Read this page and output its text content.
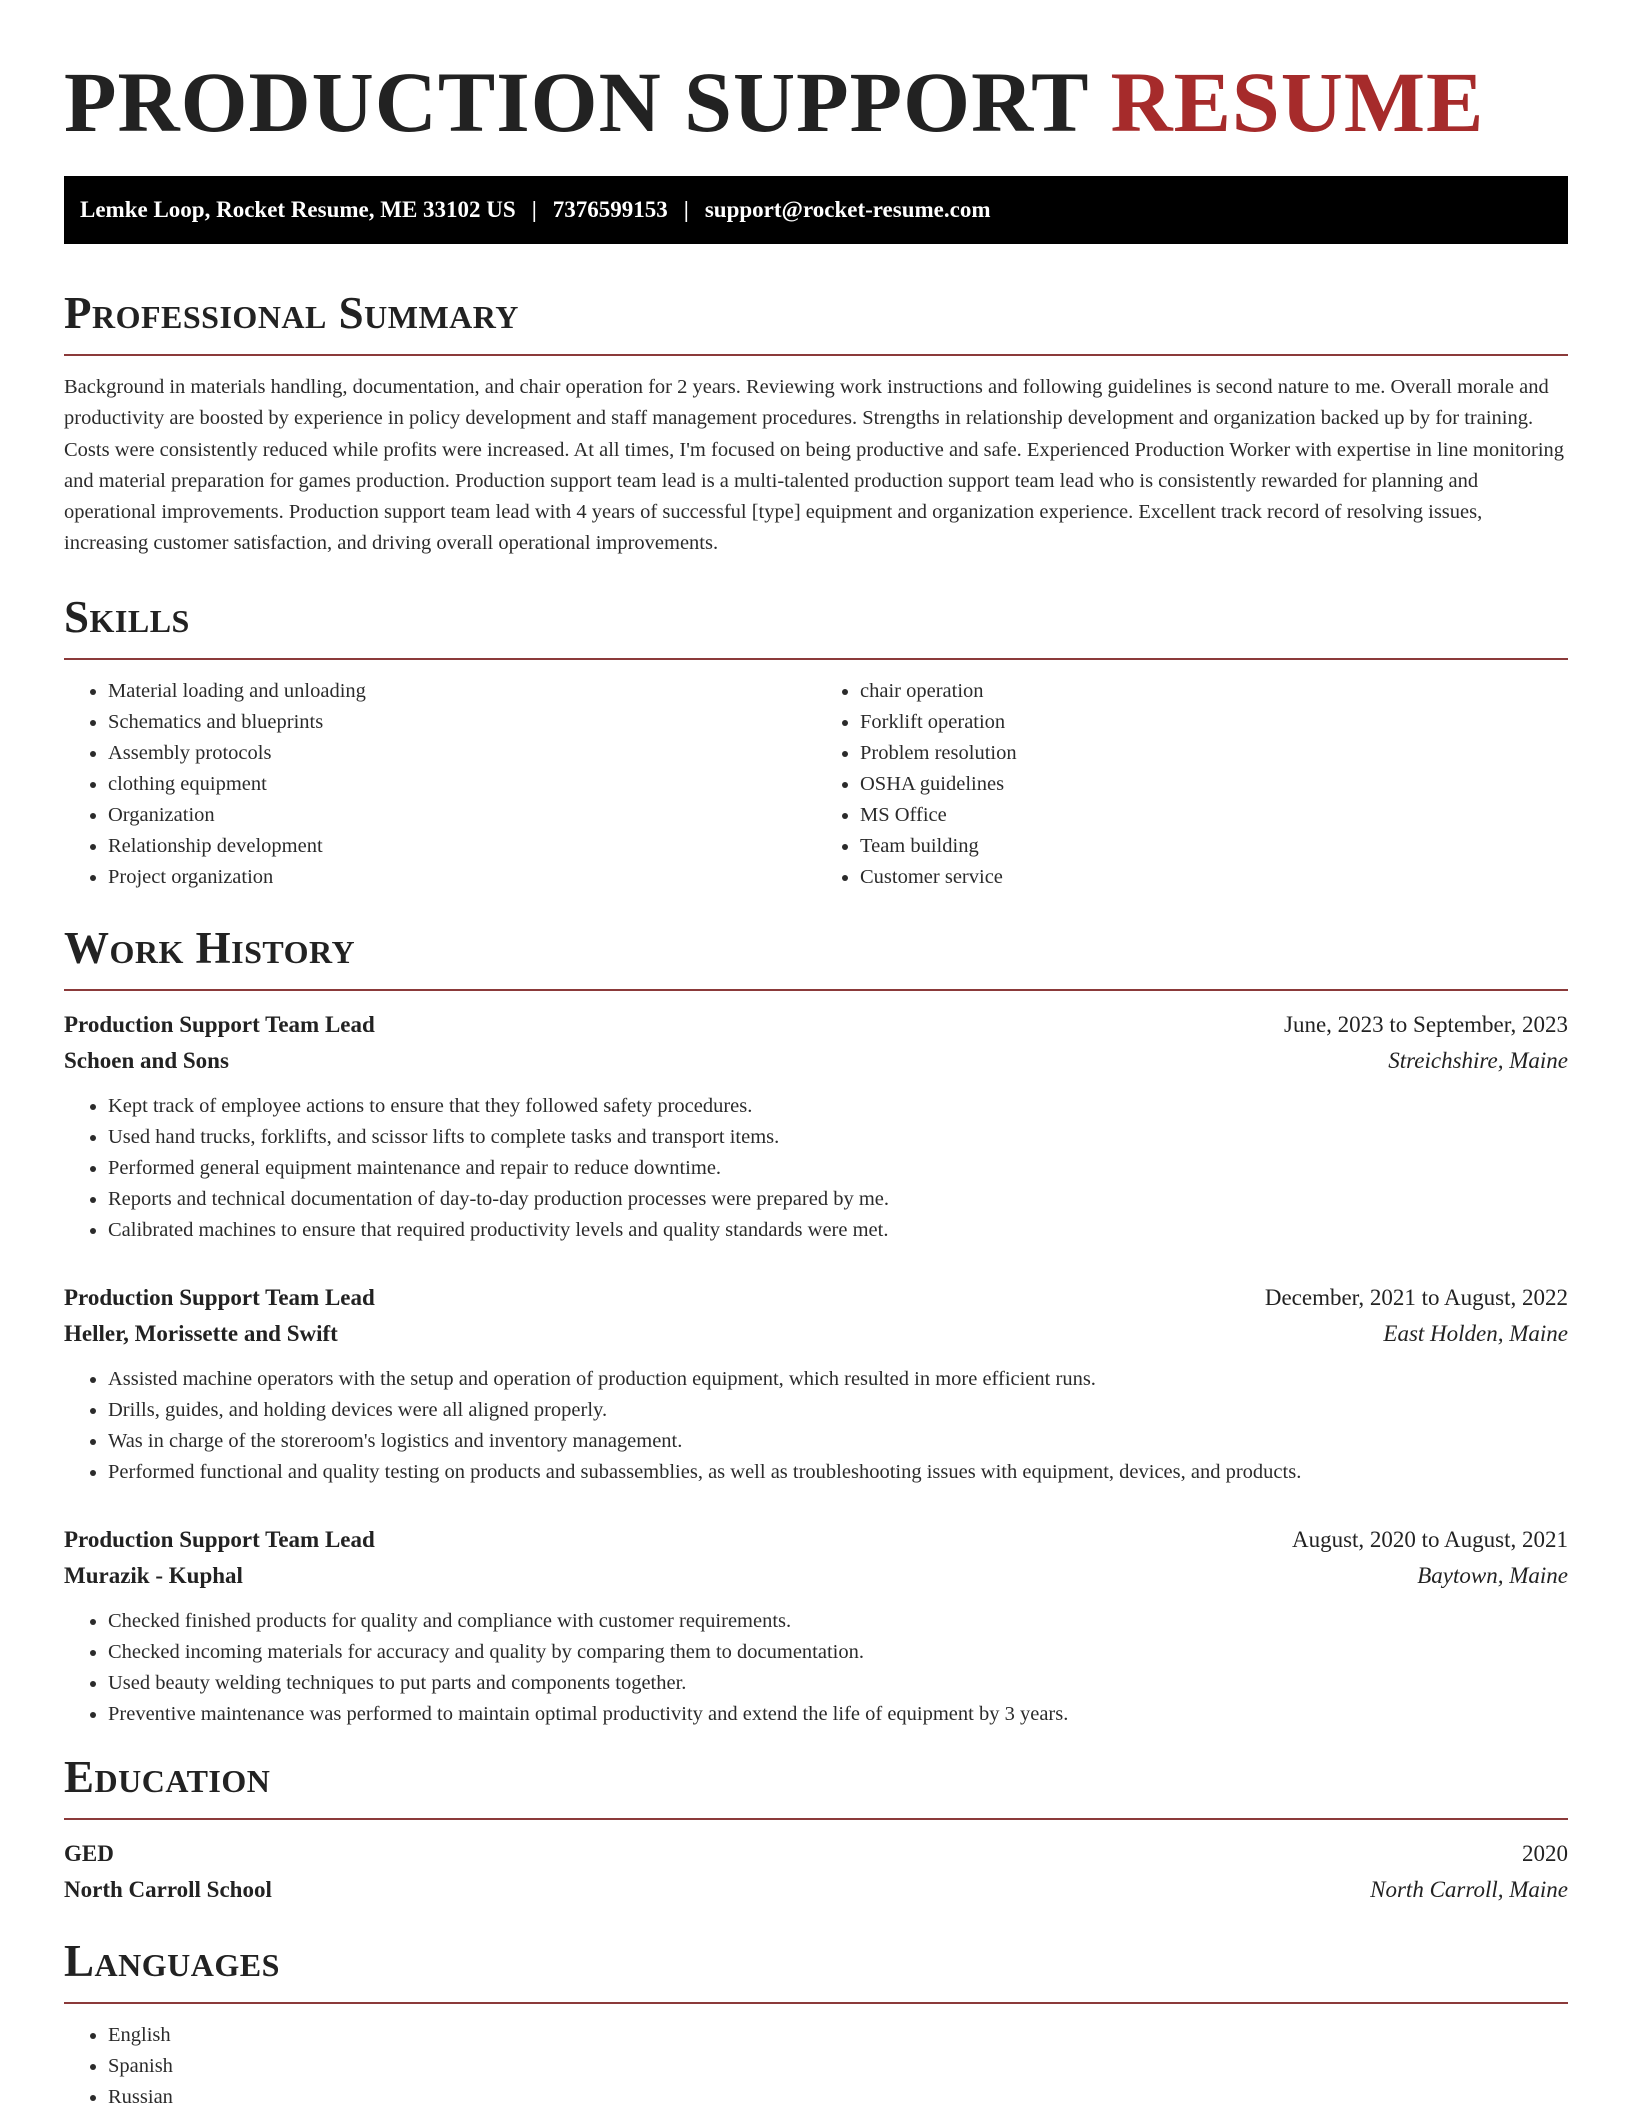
PRODUCTION SUPPORT RESUME
Lemke Loop, Rocket Resume, ME 33102 US | 7376599153 | support@rocket-resume.com
Professional Summary

Background in materials handling, documentation, and chair operation for 2 years. Reviewing work instructions and following guidelines is second nature to me. Overall morale and productivity are boosted by experience in policy development and staff management procedures. Strengths in relationship development and organization backed up by for training. Costs were consistently reduced while profits were increased. At all times, I'm focused on being productive and safe. Experienced Production Worker with expertise in line monitoring and material preparation for games production. Production support team lead is a multi-talented production support team lead who is consistently rewarded for planning and operational improvements. Production support team lead with 4 years of successful [type] equipment and organization experience. Excellent track record of resolving issues, increasing customer satisfaction, and driving overall operational improvements.

Skills
• Material loading and unloading
• Schematics and blueprints
• Assembly protocols
• clothing equipment
• Organization
• Relationship development
• Project organization
• chair operation
• Forklift operation
• Problem resolution
• OSHA guidelines
• MS Office
• Team building
• Customer service
Work History
Production Support Team Lead	June, 2023 to September, 2023
Schoen and Sons	Streichshire, Maine
• Kept track of employee actions to ensure that they followed safety procedures.
• Used hand trucks, forklifts, and scissor lifts to complete tasks and transport items.
• Performed general equipment maintenance and repair to reduce downtime.
• Reports and technical documentation of day-to-day production processes were prepared by me.
• Calibrated machines to ensure that required productivity levels and quality standards were met.
Production Support Team Lead	December, 2021 to August, 2022
Heller, Morissette and Swift	East Holden, Maine
• Assisted machine operators with the setup and operation of production equipment, which resulted in more efficient runs.
• Drills, guides, and holding devices were all aligned properly.
• Was in charge of the storeroom's logistics and inventory management.
• Performed functional and quality testing on products and subassemblies, as well as troubleshooting issues with equipment, devices, and products.
Production Support Team Lead	August, 2020 to August, 2021
Murazik - Kuphal	Baytown, Maine
• Checked finished products for quality and compliance with customer requirements.
• Checked incoming materials for accuracy and quality by comparing them to documentation.
• Used beauty welding techniques to put parts and components together.
• Preventive maintenance was performed to maintain optimal productivity and extend the life of equipment by 3 years.
Education
GED	2020
North Carroll School	North Carroll, Maine
Languages
• English
• Spanish
• Russian
